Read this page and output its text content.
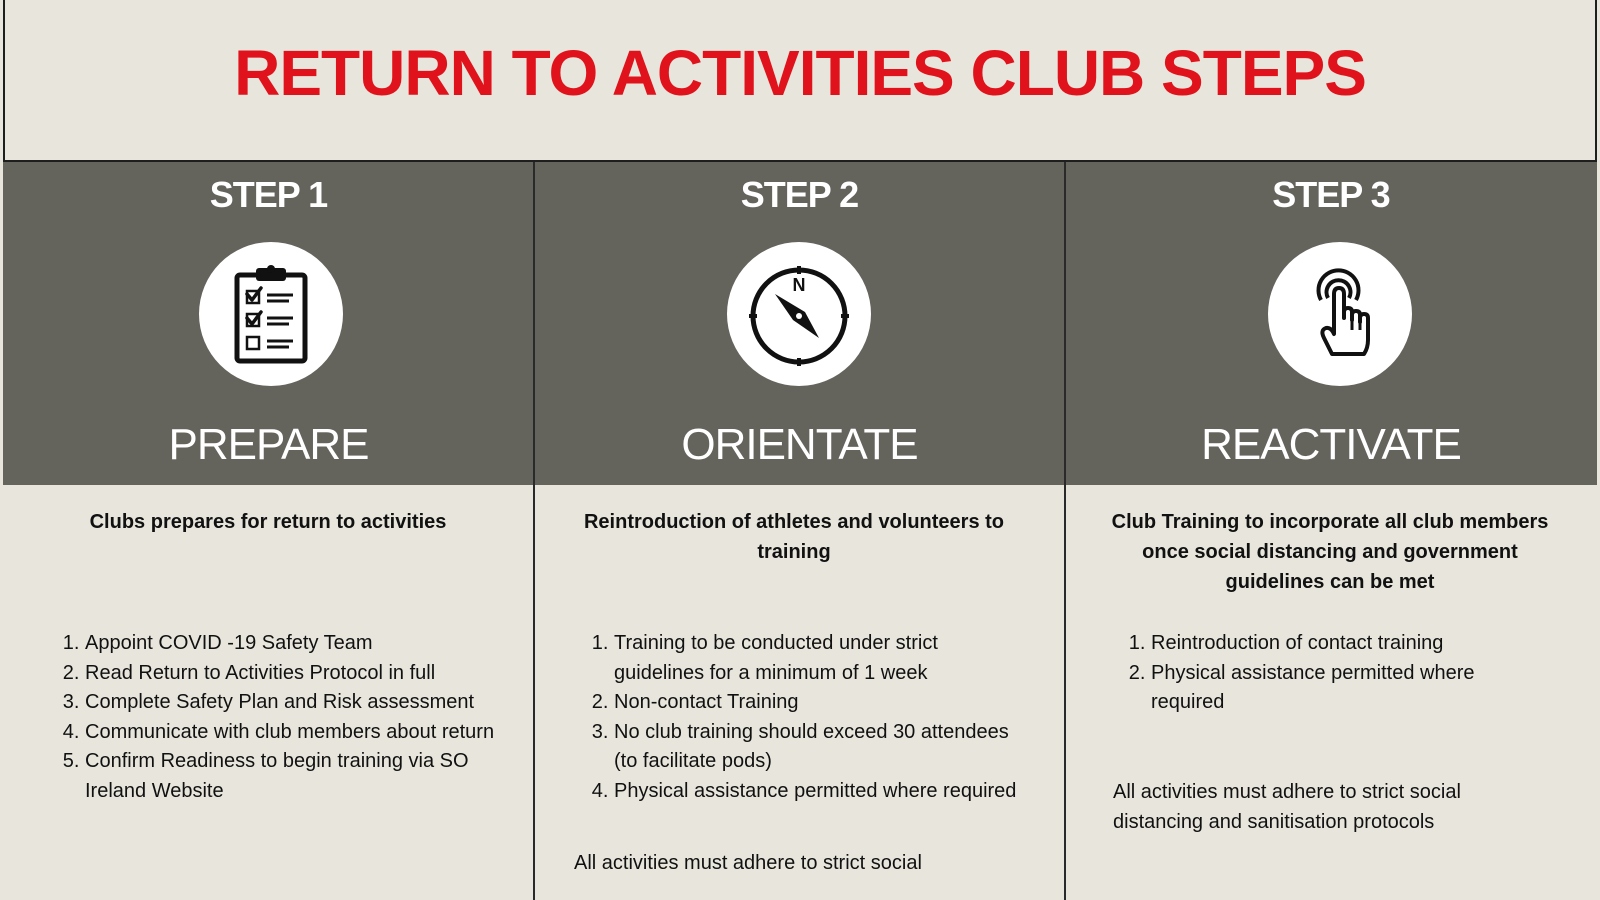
RETURN TO ACTIVITIES CLUB STEPS
STEP 1
PREPARE
Clubs prepares for return to activities
1. Appoint COVID -19 Safety Team
2. Read Return to Activities Protocol in full
3. Complete Safety Plan and Risk assessment
4. Communicate with club members about return
5. Confirm Readiness to begin training via SO Ireland Website
STEP 2
N
ORIENTATE
Reintroduction of athletes and volunteers to training
1. Training to be conducted under strict guidelines for a minimum of 1 week
2. Non-contact Training
3. No club training should exceed 30 attendees (to facilitate pods)
4. Physical assistance permitted where required
All activities must adhere to strict social
STEP 3
REACTIVATE
Club Training to incorporate all club members once social distancing and government guidelines can be met
1. Reintroduction of contact training
2. Physical assistance permitted where required
All activities must adhere to strict social distancing and sanitisation protocols
